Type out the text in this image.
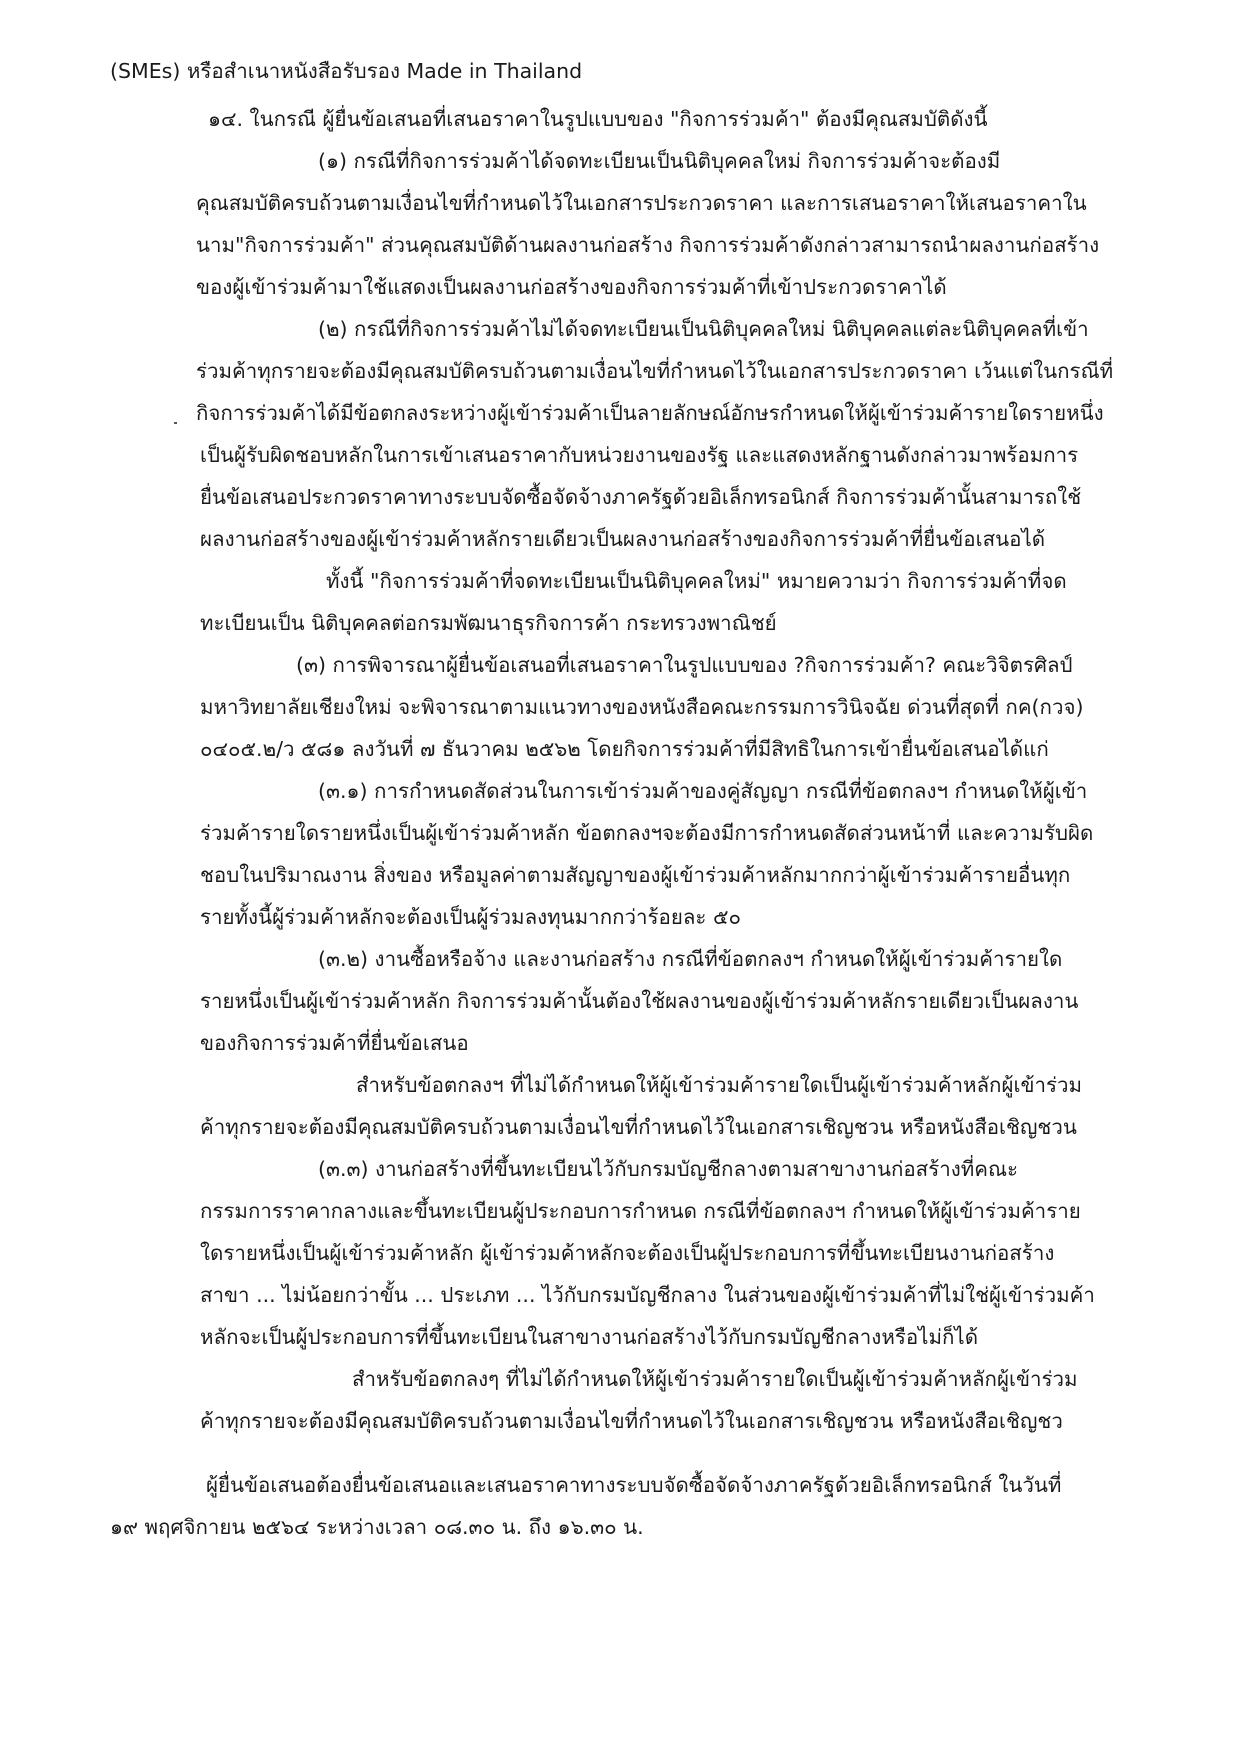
(SMEs) หรือสำเนาหนังสือรับรอง Made in Thailand
๑๔. ในกรณี ผู้ยื่นข้อเสนอที่เสนอราคาในรูปแบบของ "กิจการร่วมค้า" ต้องมีคุณสมบัติดังนี้
(๑) กรณีที่กิจการร่วมค้าได้จดทะเบียนเป็นนิติบุคคลใหม่ กิจการร่วมค้าจะต้องมี
คุณสมบัติครบถ้วนตามเงื่อนไขที่กำหนดไว้ในเอกสารประกวดราคา และการเสนอราคาให้เสนอราคาใน
นาม"กิจการร่วมค้า" ส่วนคุณสมบัติด้านผลงานก่อสร้าง กิจการร่วมค้าดังกล่าวสามารถนำผลงานก่อสร้าง
ของผู้เข้าร่วมค้ามาใช้แสดงเป็นผลงานก่อสร้างของกิจการร่วมค้าที่เข้าประกวดราคาได้
(๒) กรณีที่กิจการร่วมค้าไม่ได้จดทะเบียนเป็นนิติบุคคลใหม่ นิติบุคคลแต่ละนิติบุคคลที่เข้า
ร่วมค้าทุกรายจะต้องมีคุณสมบัติครบถ้วนตามเงื่อนไขที่กำหนดไว้ในเอกสารประกวดราคา เว้นแต่ในกรณีที่
กิจการร่วมค้าได้มีข้อตกลงระหว่างผู้เข้าร่วมค้าเป็นลายลักษณ์อักษรกำหนดให้ผู้เข้าร่วมค้ารายใดรายหนึ่ง
เป็นผู้รับผิดชอบหลักในการเข้าเสนอราคากับหน่วยงานของรัฐ และแสดงหลักฐานดังกล่าวมาพร้อมการ
ยื่นข้อเสนอประกวดราคาทางระบบจัดซื้อจัดจ้างภาครัฐด้วยอิเล็กทรอนิกส์ กิจการร่วมค้านั้นสามารถใช้
ผลงานก่อสร้างของผู้เข้าร่วมค้าหลักรายเดียวเป็นผลงานก่อสร้างของกิจการร่วมค้าที่ยื่นข้อเสนอได้
ทั้งนี้ "กิจการร่วมค้าที่จดทะเบียนเป็นนิติบุคคลใหม่" หมายความว่า กิจการร่วมค้าที่จด
ทะเบียนเป็น นิติบุคคลต่อกรมพัฒนาธุรกิจการค้า กระทรวงพาณิชย์
(๓) การพิจารณาผู้ยื่นข้อเสนอที่เสนอราคาในรูปแบบของ ?กิจการร่วมค้า? คณะวิจิตรศิลป์
มหาวิทยาลัยเชียงใหม่ จะพิจารณาตามแนวทางของหนังสือคณะกรรมการวินิจฉัย ด่วนที่สุดที่ กค(กวจ)
๐๔๐๕.๒/ว ๕๘๑ ลงวันที่ ๗ ธันวาคม ๒๕๖๒ โดยกิจการร่วมค้าที่มีสิทธิในการเข้ายื่นข้อเสนอได้แก่
(๓.๑) การกำหนดสัดส่วนในการเข้าร่วมค้าของคู่สัญญา กรณีที่ข้อตกลงฯ กำหนดให้ผู้เข้า
ร่วมค้ารายใดรายหนึ่งเป็นผู้เข้าร่วมค้าหลัก ข้อตกลงฯจะต้องมีการกำหนดสัดส่วนหน้าที่ และความรับผิด
ชอบในปริมาณงาน สิ่งของ หรือมูลค่าตามสัญญาของผู้เข้าร่วมค้าหลักมากกว่าผู้เข้าร่วมค้ารายอื่นทุก
รายทั้งนี้ผู้ร่วมค้าหลักจะต้องเป็นผู้ร่วมลงทุนมากกว่าร้อยละ ๕๐
(๓.๒) งานซื้อหรือจ้าง และงานก่อสร้าง กรณีที่ข้อตกลงฯ กำหนดให้ผู้เข้าร่วมค้ารายใด
รายหนึ่งเป็นผู้เข้าร่วมค้าหลัก กิจการร่วมค้านั้นต้องใช้ผลงานของผู้เข้าร่วมค้าหลักรายเดียวเป็นผลงาน
ของกิจการร่วมค้าที่ยื่นข้อเสนอ
สำหรับข้อตกลงฯ ที่ไม่ได้กำหนดให้ผู้เข้าร่วมค้ารายใดเป็นผู้เข้าร่วมค้าหลักผู้เข้าร่วม
ค้าทุกรายจะต้องมีคุณสมบัติครบถ้วนตามเงื่อนไขที่กำหนดไว้ในเอกสารเชิญชวน หรือหนังสือเชิญชวน
(๓.๓) งานก่อสร้างที่ขึ้นทะเบียนไว้กับกรมบัญชีกลางตามสาขางานก่อสร้างที่คณะ
กรรมการราคากลางและขึ้นทะเบียนผู้ประกอบการกำหนด กรณีที่ข้อตกลงฯ กำหนดให้ผู้เข้าร่วมค้าราย
ใดรายหนึ่งเป็นผู้เข้าร่วมค้าหลัก ผู้เข้าร่วมค้าหลักจะต้องเป็นผู้ประกอบการที่ขึ้นทะเบียนงานก่อสร้าง
สาขา ... ไม่น้อยกว่าขั้น ... ประเภท ... ไว้กับกรมบัญชีกลาง ในส่วนของผู้เข้าร่วมค้าที่ไม่ใช่ผู้เข้าร่วมค้า
หลักจะเป็นผู้ประกอบการที่ขึ้นทะเบียนในสาขางานก่อสร้างไว้กับกรมบัญชีกลางหรือไม่ก็ได้
สำหรับข้อตกลงๆ ที่ไม่ได้กำหนดให้ผู้เข้าร่วมค้ารายใดเป็นผู้เข้าร่วมค้าหลักผู้เข้าร่วม
ค้าทุกรายจะต้องมีคุณสมบัติครบถ้วนตามเงื่อนไขที่กำหนดไว้ในเอกสารเชิญชวน หรือหนังสือเชิญชว
ผู้ยื่นข้อเสนอต้องยื่นข้อเสนอและเสนอราคาทางระบบจัดซื้อจัดจ้างภาครัฐด้วยอิเล็กทรอนิกส์ ในวันที่
๑๙ พฤศจิกายน ๒๕๖๔ ระหว่างเวลา ๐๘.๓๐ น. ถึง ๑๖.๓๐ น.
